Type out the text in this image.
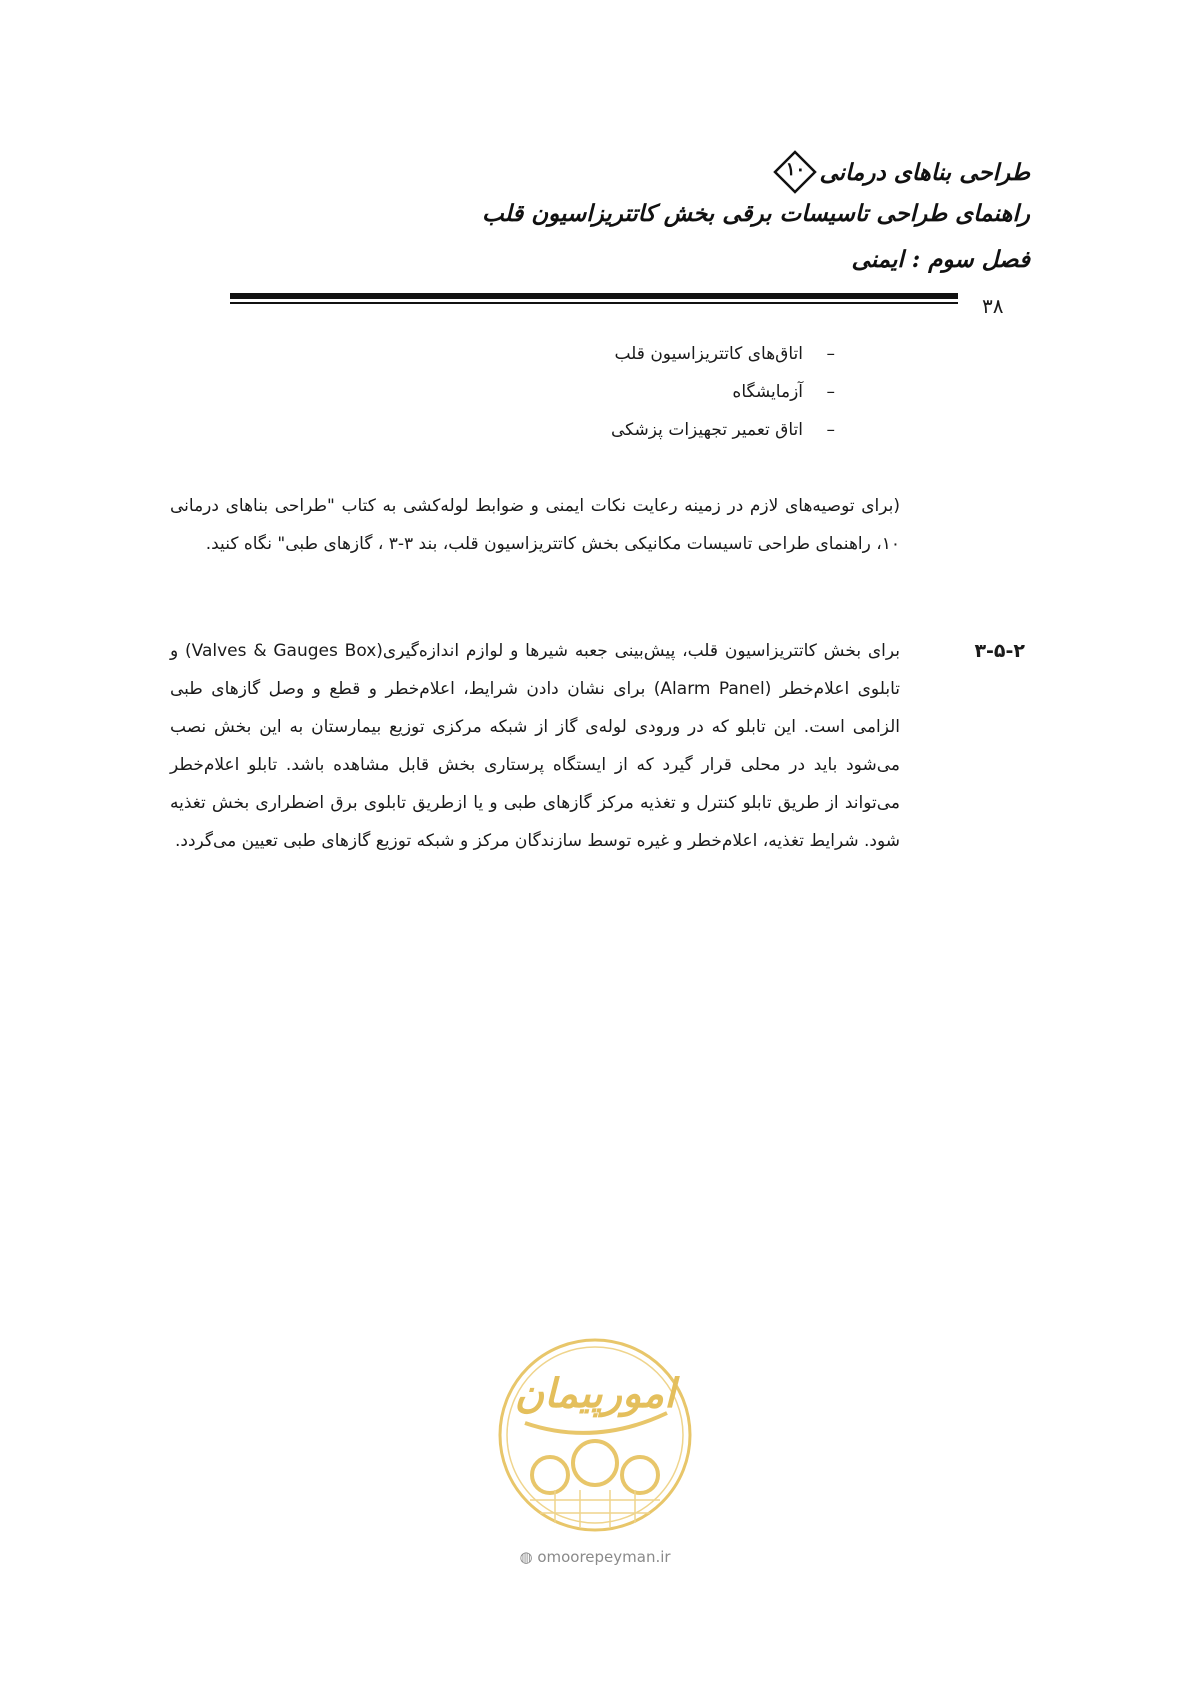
طراحی بناهای درمانی
۱۰
راهنمای طراحی تاسیسات برقی بخش کاتتریزاسیون قلب
فصل سوم : ایمنی
۳۸
–اتاق‌های کاتتریزاسیون قلب
–آزمایشگاه
–اتاق تعمیر تجهیزات پزشکی
(برای توصیه‌های لازم در زمینه رعایت نکات ایمنی و ضوابط لوله‌کشی به کتاب "طراحی بناهای درمانی ۱۰، راهنمای طراحی تاسیسات مکانیکی بخش کاتتریزاسیون قلب، بند ۳-۳ ، گازهای طبی" نگاه کنید.
۳-۵-۲
برای بخش کاتتریزاسیون قلب، پیش‌بینی جعبه شیرها و لوازم اندازه‌گیری(Valves & Gauges Box) و تابلوی اعلام‌خطر (Alarm Panel) برای نشان دادن شرایط، اعلام‌خطر و قطع و وصل گازهای طبی الزامی است. این تابلو که در ورودی لوله‌ی گاز از شبکه مرکزی توزیع بیمارستان به این بخش نصب می‌شود باید در محلی قرار گیرد که از ایستگاه پرستاری بخش قابل مشاهده باشد. تابلو اعلام‌خطر می‌تواند از طریق تابلو کنترل و تغذیه مرکز گازهای طبی و یا ازطریق تابلوی برق اضطراری بخش تغذیه شود. شرایط تغذیه، اعلام‌خطر و غیره توسط سازندگان مرکز و شبکه توزیع گازهای طبی تعیین می‌گردد.
امورپیمان
◍ omoorepeyman.ir
